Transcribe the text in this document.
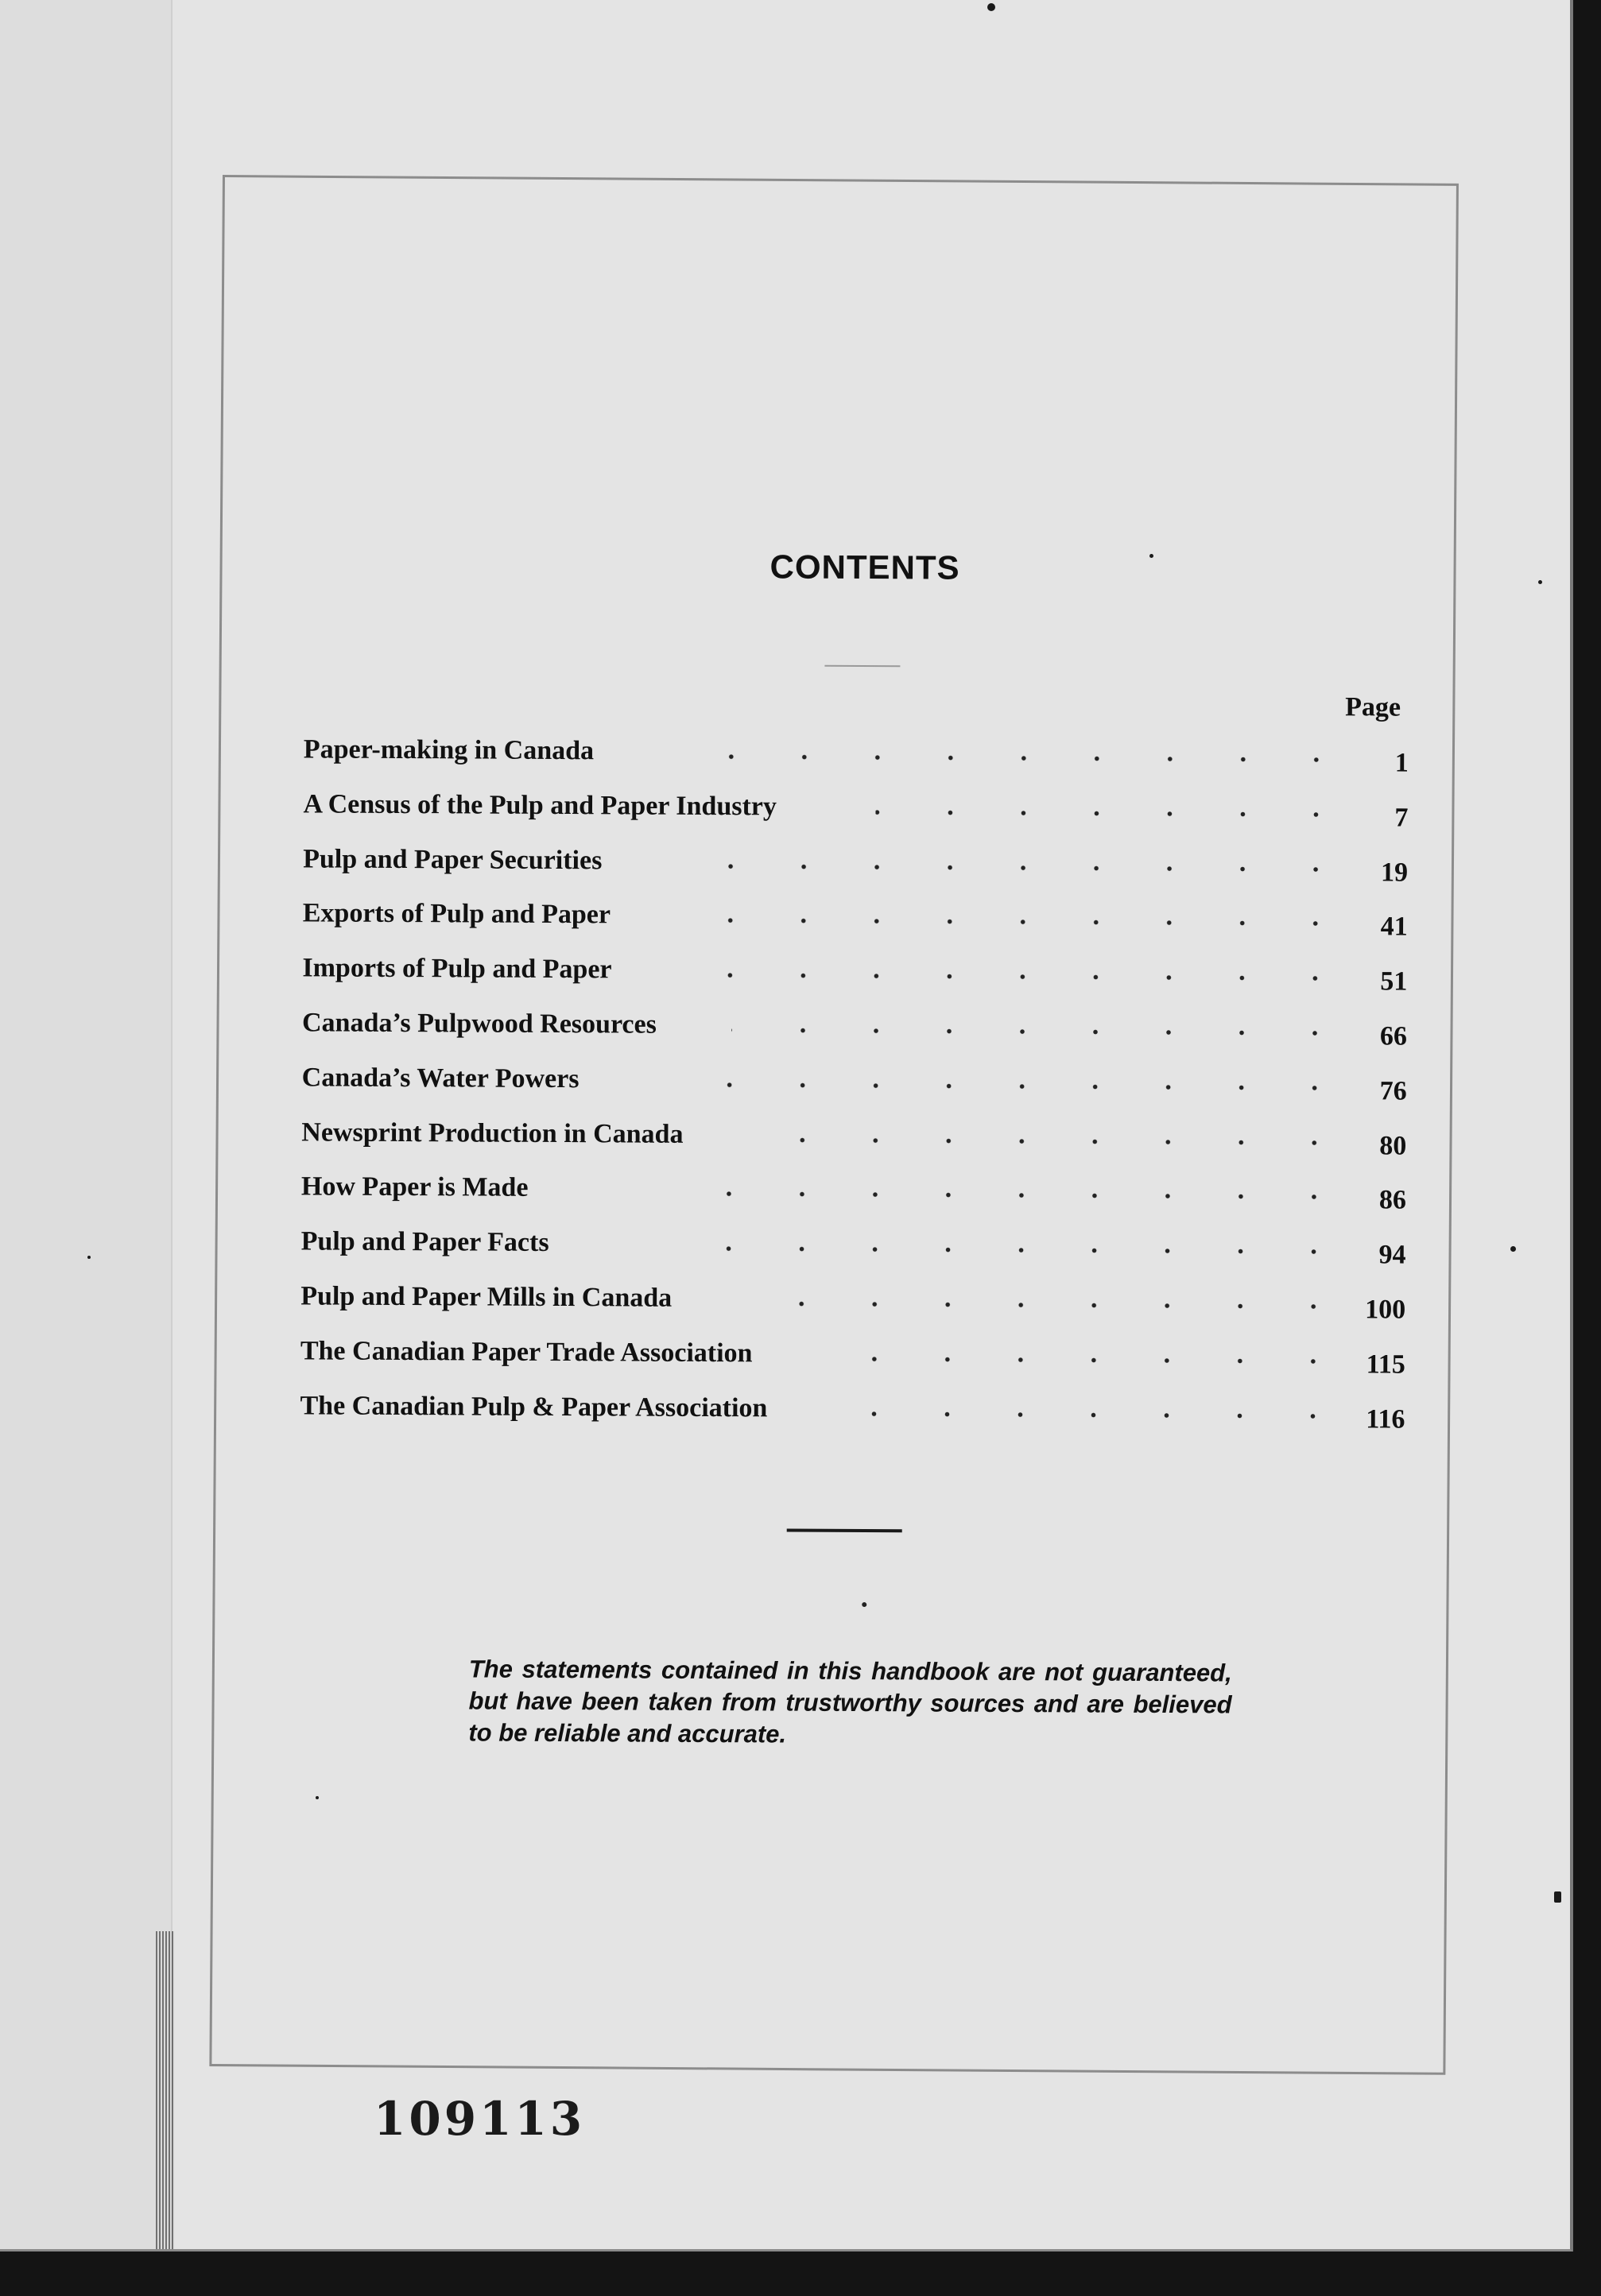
CONTENTS
Page
Paper-making in Canada	1
A Census of the Pulp and Paper Industry	7
Pulp and Paper Securities	19
Exports of Pulp and Paper	41
Imports of Pulp and Paper	51
Canada’s Pulpwood Resources	66
Canada’s Water Powers	76
Newsprint Production in Canada	80
How Paper is Made	86
Pulp and Paper Facts	94
Pulp and Paper Mills in Canada	100
The Canadian Paper Trade Association	115
The Canadian Pulp & Paper Association	116

The statements contained in this handbook are not guaranteed, but have been taken from trustworthy sources and are believed to be reliable and accurate.

109113
